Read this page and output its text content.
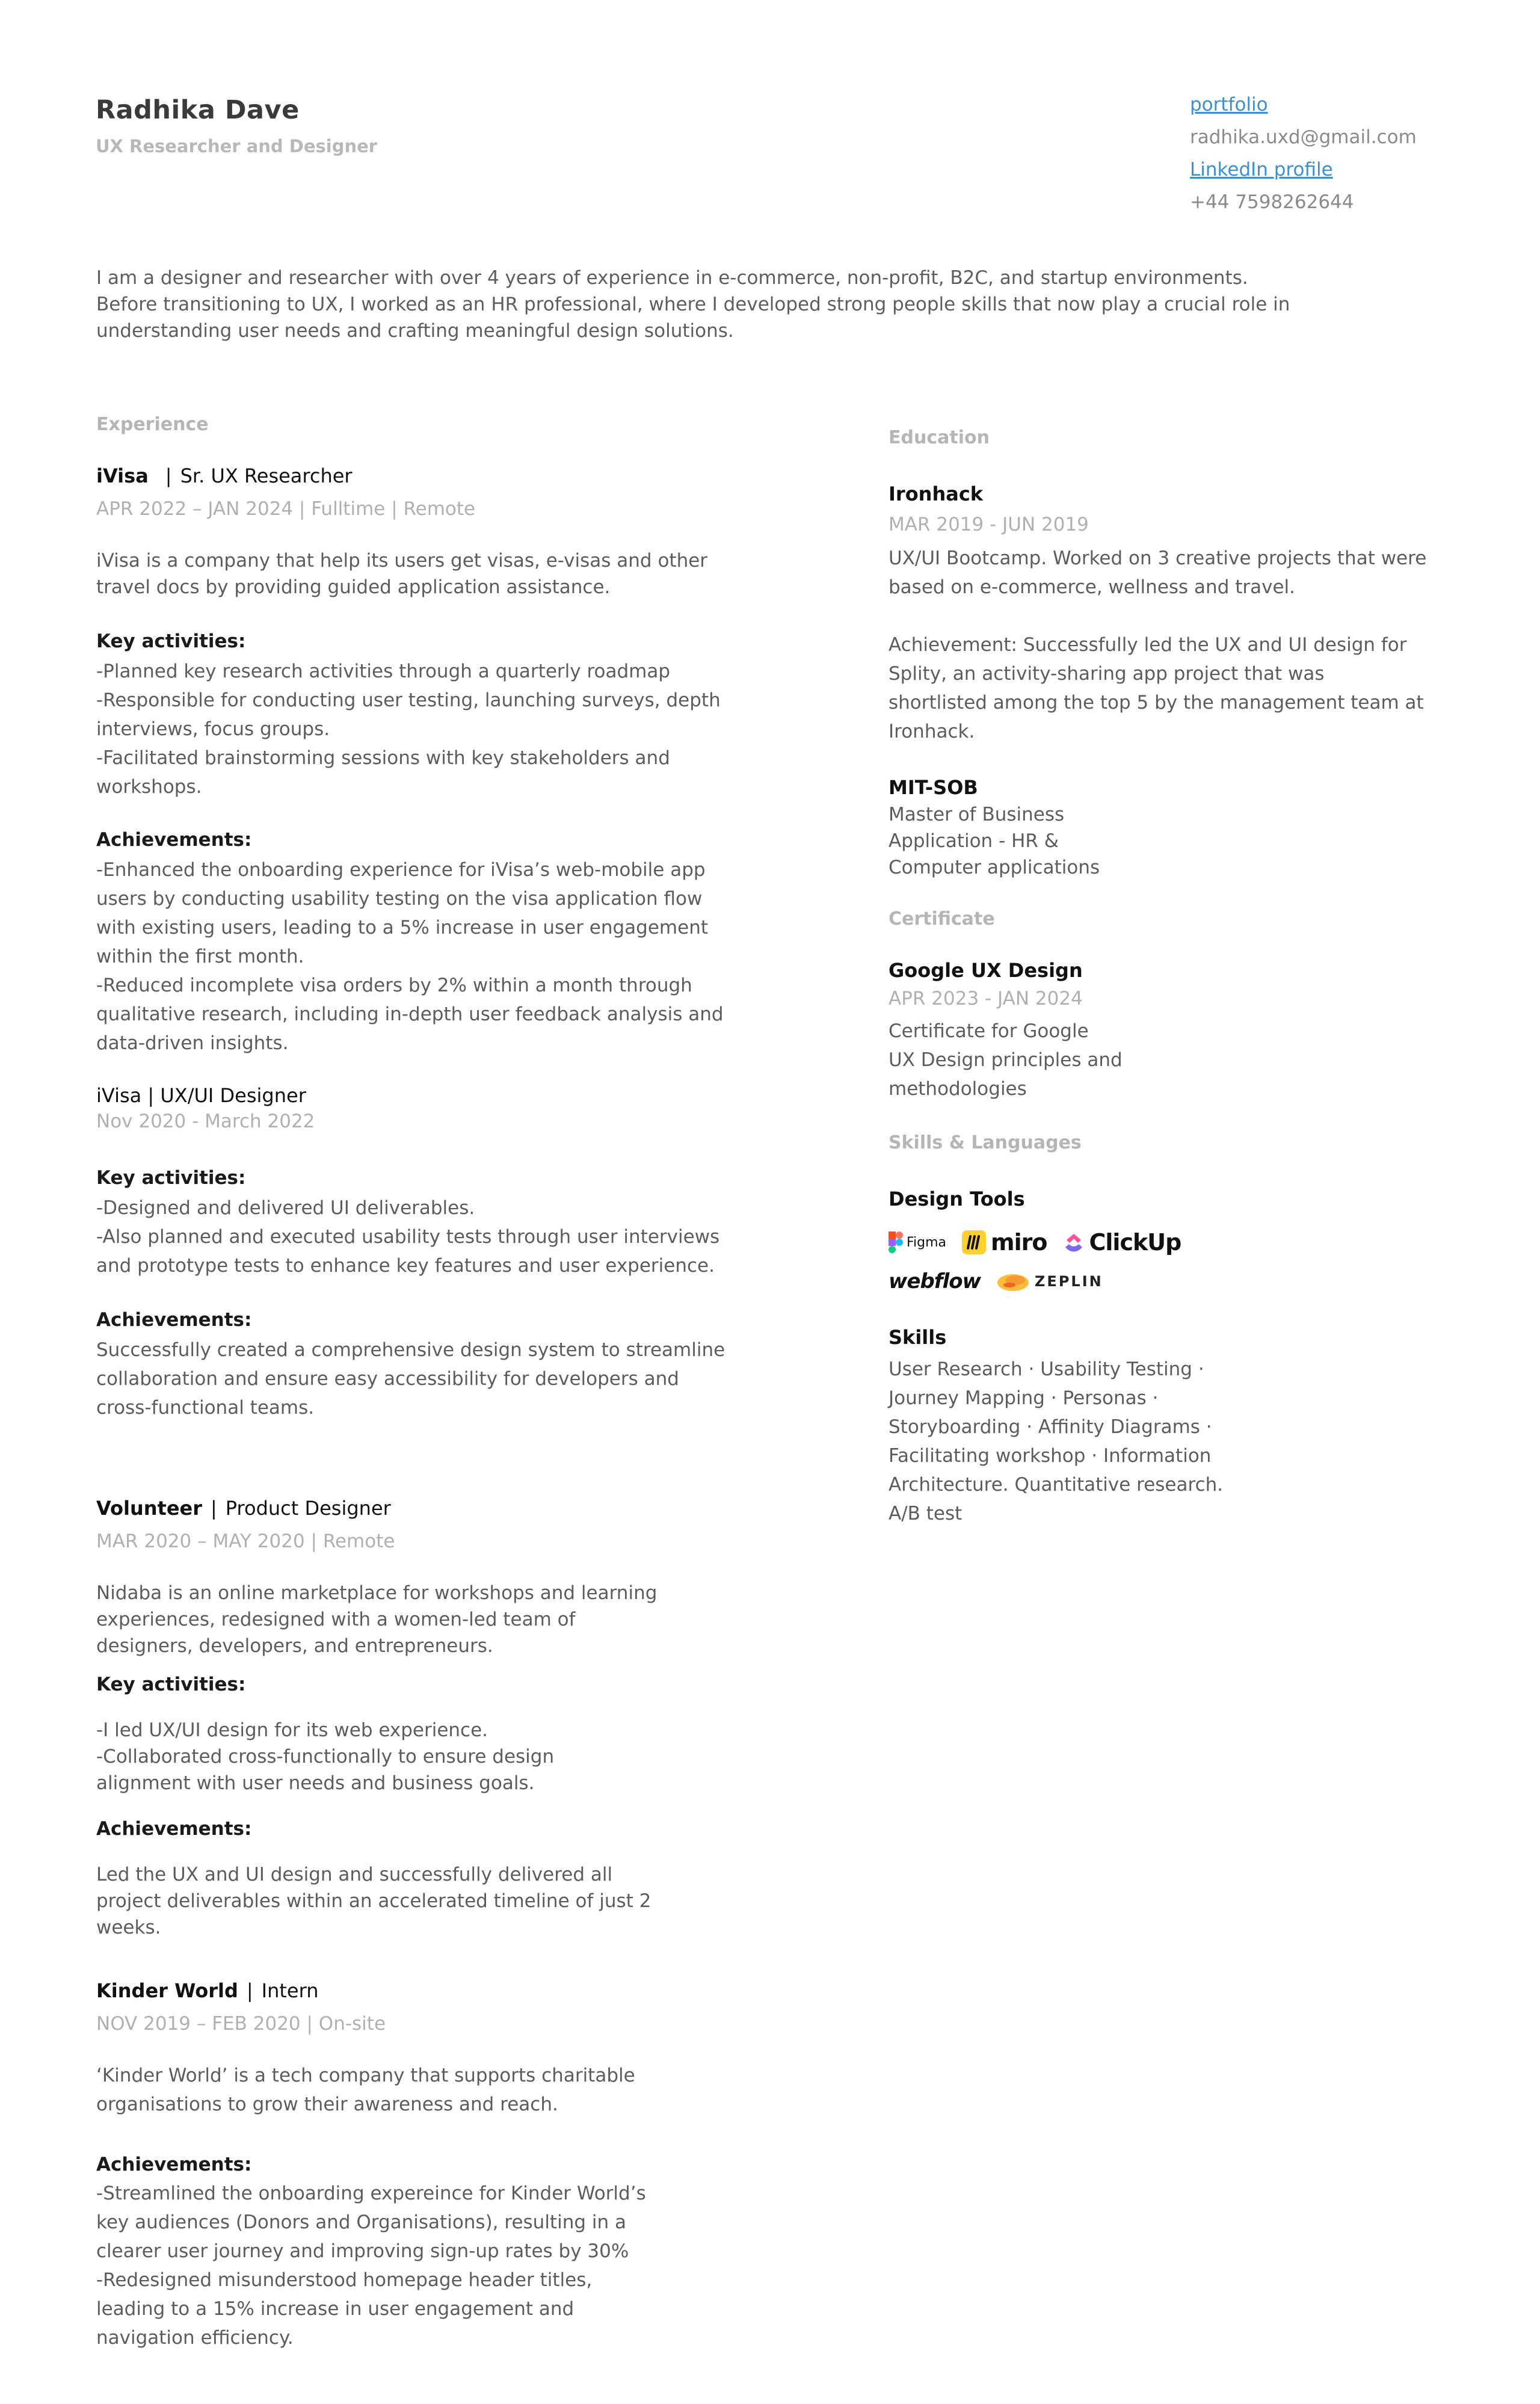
Radhika Dave
UX Researcher and Designer
portfolio
radhika.uxd@gmail.com
LinkedIn profile
+44 7598262644
I am a designer and researcher with over 4 years of experience in e-commerce, non-profit, B2C, and startup environments.
Before transitioning to UX, I worked as an HR professional, where I developed strong people skills that now play a crucial role in
understanding user needs and crafting meaningful design solutions.
Experience
iVisa | Sr. UX Researcher
APR 2022 – JAN 2024 | Fulltime | Remote
iVisa is a company that help its users get visas, e-visas and other
travel docs by providing guided application assistance.
Key activities:
-Planned key research activities through a quarterly roadmap
-Responsible for conducting user testing, launching surveys, depth
interviews, focus groups.
-Facilitated brainstorming sessions with key stakeholders and
workshops.
Achievements:
-Enhanced the onboarding experience for iVisa’s web-mobile app
users by conducting usability testing on the visa application flow
with existing users, leading to a 5% increase in user engagement
within the first month.
-Reduced incomplete visa orders by 2% within a month through
qualitative research, including in-depth user feedback analysis and
data-driven insights.
iVisa | UX/UI Designer
Nov 2020 - March 2022
Key activities:
-Designed and delivered UI deliverables.
-Also planned and executed usability tests through user interviews
and prototype tests to enhance key features and user experience.
Achievements:
Successfully created a comprehensive design system to streamline
collaboration and ensure easy accessibility for developers and
cross-functional teams.
Volunteer | Product Designer
MAR 2020 – MAY 2020 | Remote
Nidaba is an online marketplace for workshops and learning
experiences, redesigned with a women-led team of
designers, developers, and entrepreneurs.
Key activities:
-I led UX/UI design for its web experience.
-Collaborated cross-functionally to ensure design
alignment with user needs and business goals.
Achievements:
Led the UX and UI design and successfully delivered all
project deliverables within an accelerated timeline of just 2
weeks.
Kinder World | Intern
NOV 2019 – FEB 2020 | On-site
‘Kinder World’ is a tech company that supports charitable
organisations to grow their awareness and reach.
Achievements:
-Streamlined the onboarding expereince for Kinder World’s
key audiences (Donors and Organisations), resulting in a
clearer user journey and improving sign-up rates by 30%
-Redesigned misunderstood homepage header titles,
leading to a 15% increase in user engagement and
navigation efficiency.
Education
Ironhack
MAR 2019 - JUN 2019
UX/UI Bootcamp. Worked on 3 creative projects that were
based on e-commerce, wellness and travel.
Achievement: Successfully led the UX and UI design for
Splity, an activity-sharing app project that was
shortlisted among the top 5 by the management team at
Ironhack.
MIT-SOB
Master of Business
Application - HR &
Computer applications
Certificate
Google UX Design
APR 2023 - JAN 2024
Certificate for Google
UX Design principles and
methodologies
Skills & Languages
Design Tools
Figma miro ClickUp
webflow	ZEPLIN
Skills
User Research · Usability Testing ·
Journey Mapping · Personas ·
Storyboarding · Affinity Diagrams ·
Facilitating workshop · Information
Architecture. Quantitative research.
A/B test
